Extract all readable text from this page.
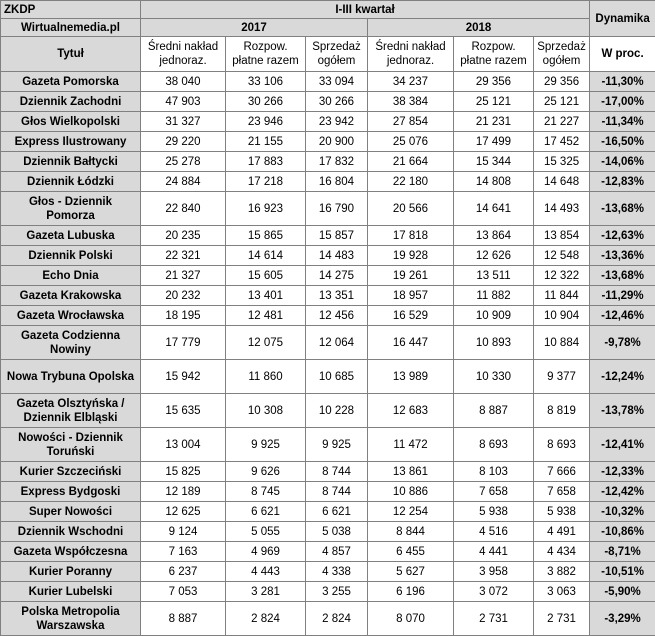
ZKDP	I-III kwartał						Dynamika
Wirtualnemedia.pl	2017			2018			
Tytuł	Średni nakład jednoraz.	Rozpow. płatne razem	Sprzedaż ogółem	Średni nakład jednoraz.	Rozpow. płatne razem	Sprzedaż ogółem	W proc.
Gazeta Pomorska	38 040	33 106	33 094	34 237	29 356	29 356	-11,30%
Dziennik Zachodni	47 903	30 266	30 266	38 384	25 121	25 121	-17,00%
Głos Wielkopolski	31 327	23 946	23 942	27 854	21 231	21 227	-11,34%
Express Ilustrowany	29 220	21 155	20 900	25 076	17 499	17 452	-16,50%
Dziennik Bałtycki	25 278	17 883	17 832	21 664	15 344	15 325	-14,06%
Dziennik Łódzki	24 884	17 218	16 804	22 180	14 808	14 648	-12,83%
Głos - Dziennik Pomorza	22 840	16 923	16 790	20 566	14 641	14 493	-13,68%
Gazeta Lubuska	20 235	15 865	15 857	17 818	13 864	13 854	-12,63%
Dziennik Polski	22 321	14 614	14 483	19 928	12 626	12 548	-13,36%
Echo Dnia	21 327	15 605	14 275	19 261	13 511	12 322	-13,68%
Gazeta Krakowska	20 232	13 401	13 351	18 957	11 882	11 844	-11,29%
Gazeta Wrocławska	18 195	12 481	12 456	16 529	10 909	10 904	-12,46%
Gazeta Codzienna Nowiny	17 779	12 075	12 064	16 447	10 893	10 884	-9,78%
Nowa Trybuna Opolska	15 942	11 860	10 685	13 989	10 330	9 377	-12,24%
Gazeta Olsztyńska / Dziennik Elbląski	15 635	10 308	10 228	12 683	8 887	8 819	-13,78%
Nowości - Dziennik Toruński	13 004	9 925	9 925	11 472	8 693	8 693	-12,41%
Kurier Szczeciński	15 825	9 626	8 744	13 861	8 103	7 666	-12,33%
Express Bydgoski	12 189	8 745	8 744	10 886	7 658	7 658	-12,42%
Super Nowości	12 625	6 621	6 621	12 254	5 938	5 938	-10,32%
Dziennik Wschodni	9 124	5 055	5 038	8 844	4 516	4 491	-10,86%
Gazeta Współczesna	7 163	4 969	4 857	6 455	4 441	4 434	-8,71%
Kurier Poranny	6 237	4 443	4 338	5 627	3 958	3 882	-10,51%
Kurier Lubelski	7 053	3 281	3 255	6 196	3 072	3 063	-5,90%
Polska Metropolia Warszawska	8 887	2 824	2 824	8 070	2 731	2 731	-3,29%
